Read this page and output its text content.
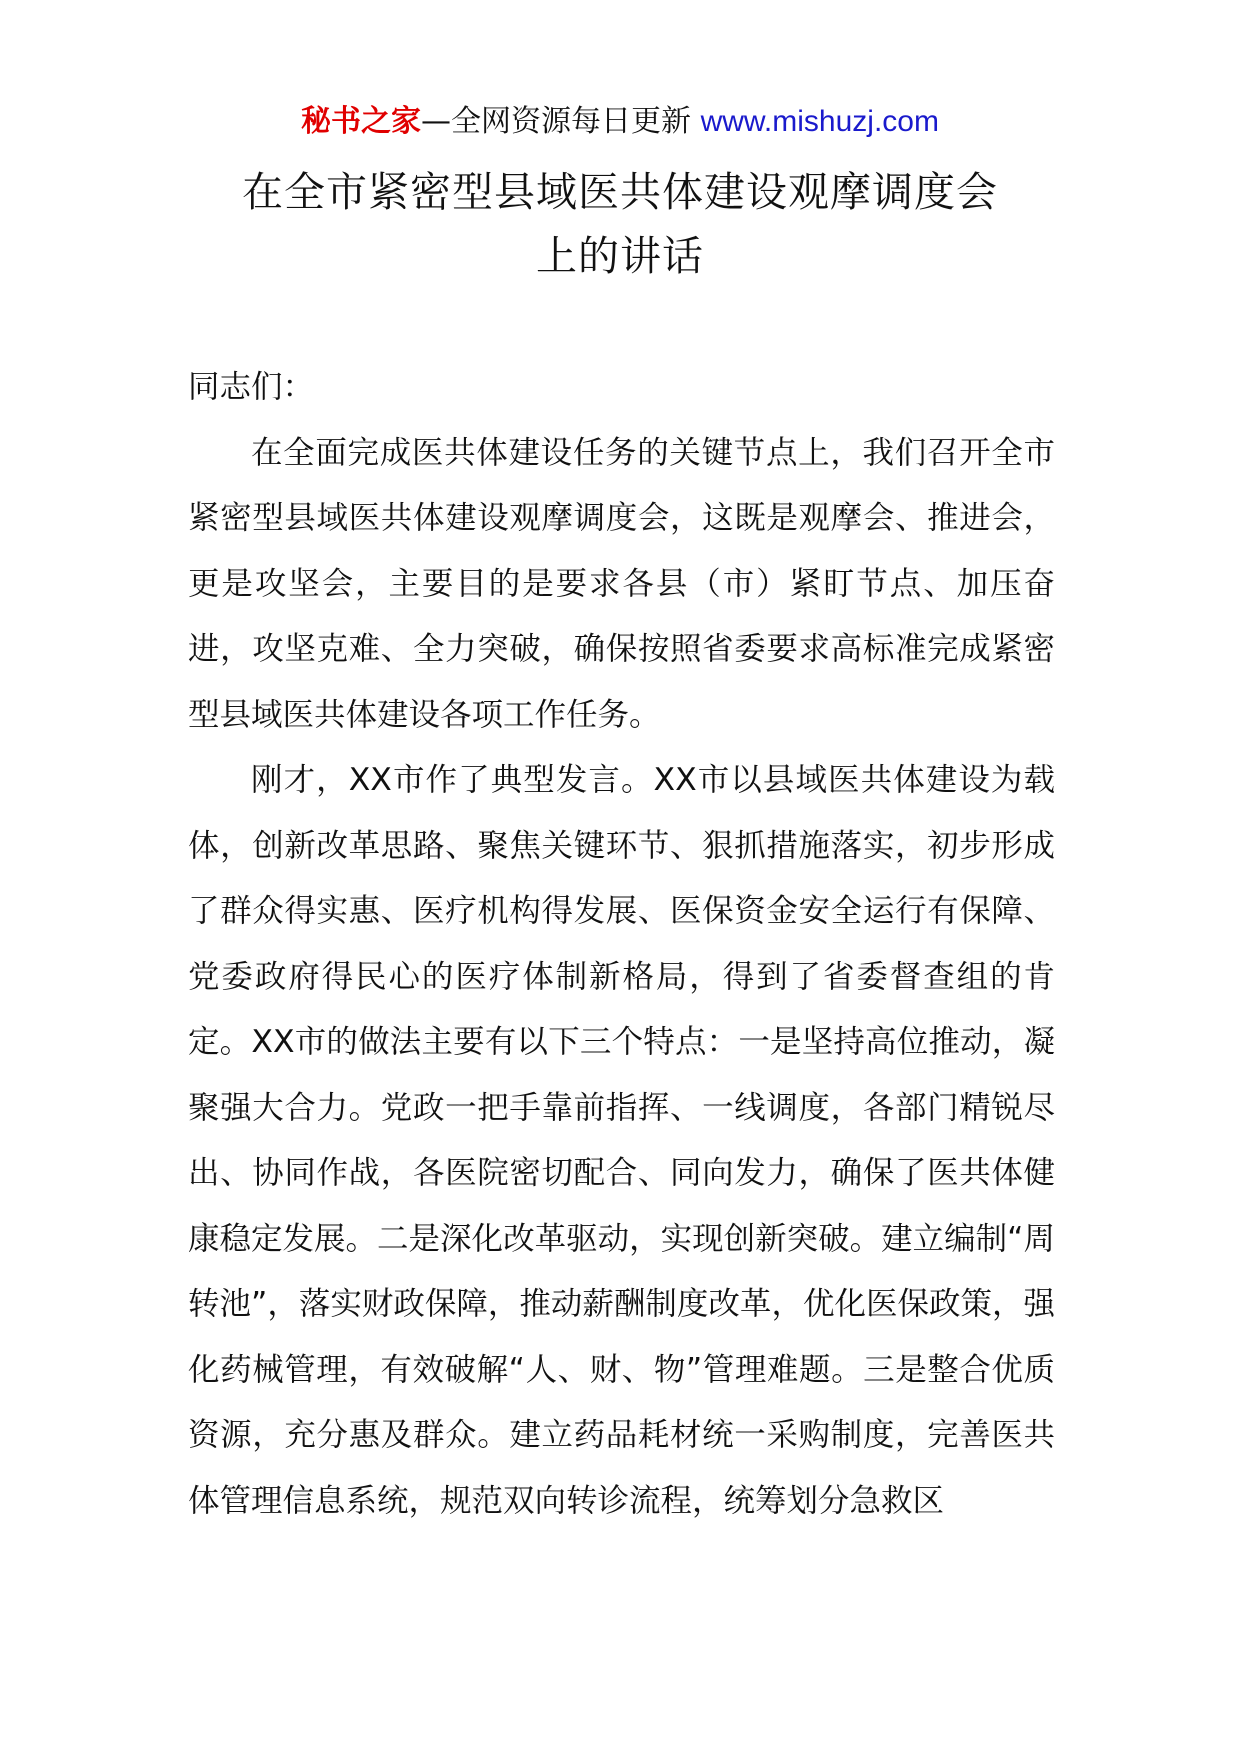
秘书之家—全网资源每日更新 www.mishuzj.com
在全市紧密型县域医共体建设观摩调度会
上的讲话

同志们：

在全面完成医共体建设任务的关键节点上，我们召开全市紧密型县域医共体建设观摩调度会，这既是观摩会、推进会，更是攻坚会，主要目的是要求各县（市）紧盯节点、加压奋进，攻坚克难、全力突破，确保按照省委要求高标准完成紧密型县域医共体建设各项工作任务。

刚才，XX市作了典型发言。XX市以县域医共体建设为载体，创新改革思路、聚焦关键环节、狠抓措施落实，初步形成了群众得实惠、医疗机构得发展、医保资金安全运行有保障、党委政府得民心的医疗体制新格局，得到了省委督查组的肯定。XX市的做法主要有以下三个特点：一是坚持高位推动，凝聚强大合力。党政一把手靠前指挥、一线调度，各部门精锐尽出、协同作战，各医院密切配合、同向发力，确保了医共体健康稳定发展。二是深化改革驱动，实现创新突破。建立编制“周转池”，落实财政保障，推动薪酬制度改革，优化医保政策，强化药械管理，有效破解“人、财、物”管理难题。三是整合优质资源，充分惠及群众。建立药品耗材统一采购制度，完善医共体管理信息系统，规范双向转诊流程，统筹划分急救区
